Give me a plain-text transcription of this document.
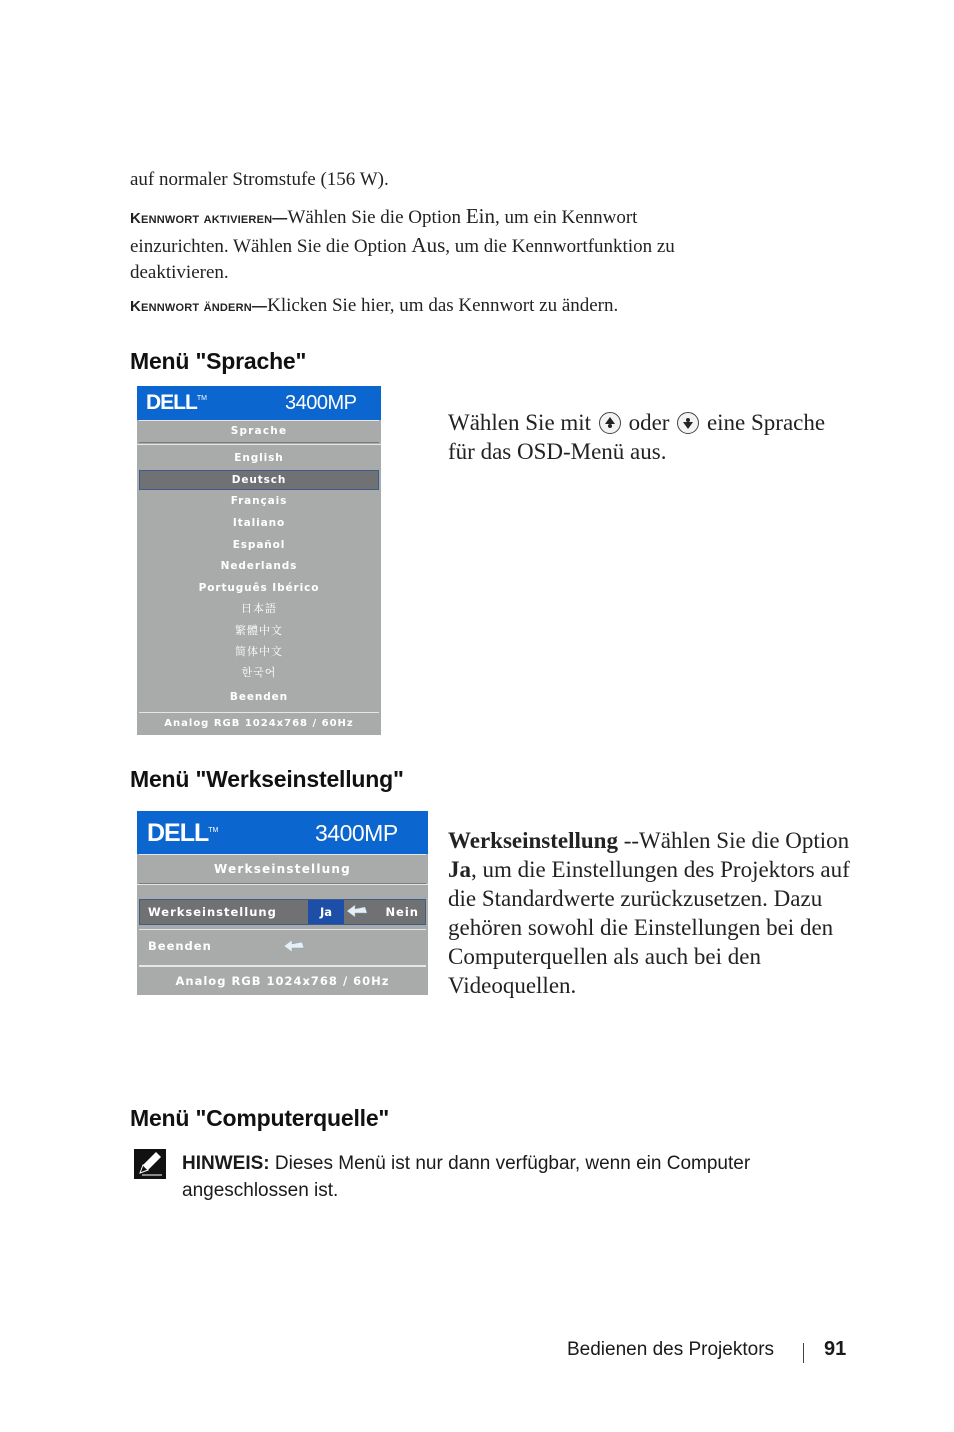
auf normaler Stromstufe (156 W).
Kennwort aktivieren—Wählen Sie die Option Ein, um ein Kennwort
einzurichten. Wählen Sie die Option Aus, um die Kennwortfunktion zu
deaktivieren.
Kennwort ändern—Klicken Sie hier, um das Kennwort zu ändern.
Menü "Sprache"
DELL™	3400MP
Sprache
English
Deutsch
Français
Italiano
Español
Nederlands
Português Ibérico
日本語
繁體中文
简体中文
한국어
Beenden
Analog RGB 1024x768 / 60Hz
Wählen Sie mit
oder
eine Sprache
für das OSD-Menü aus.
Menü "Werkseinstellung"
DELL™	3400MP
Werkseinstellung
Werkseinstellung	Ja	Nein
Beenden
Analog RGB 1024x768 / 60Hz
Werkseinstellung --Wählen Sie die Option
Ja, um die Einstellungen des Projektors auf
die Standardwerte zurückzusetzen. Dazu
gehören sowohl die Einstellungen bei den
Computerquellen als auch bei den
Videoquellen.
Menü "Computerquelle"
HINWEIS: Dieses Menü ist nur dann verfügbar, wenn ein Computer
angeschlossen ist.
Bedienen des Projektors 91
